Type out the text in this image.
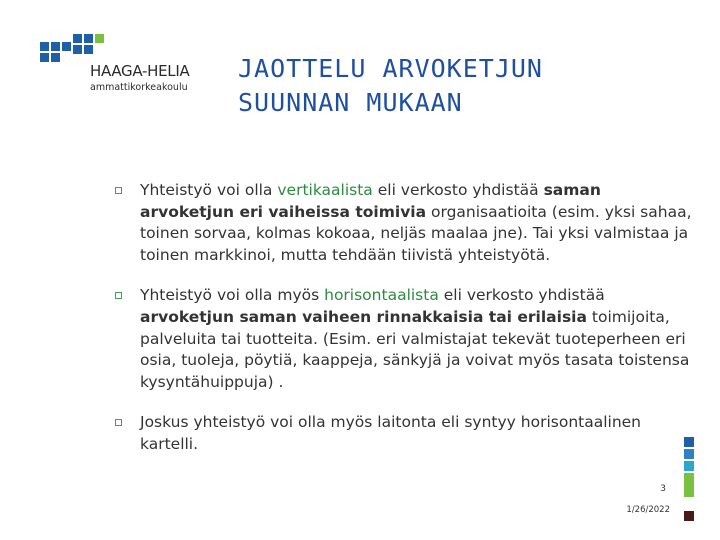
HAAGA-HELIA
ammattikorkeakoulu
JAOTTELU ARVOKETJUN
SUUNNAN MUKAAN
Yhteistyö voi olla vertikaalista eli verkosto yhdistää saman arvoketjun eri vaiheissa toimivia organisaatioita (esim. yksi sahaa, toinen sorvaa, kolmas kokoaa, neljäs maalaa jne). Tai yksi valmistaa ja toinen markkinoi, mutta tehdään tiivistä yhteistyötä.
Yhteistyö voi olla myös horisontaalista eli verkosto yhdistää arvoketjun saman vaiheen rinnakkaisia tai erilaisia toimijoita, palveluita tai tuotteita. (Esim. eri valmistajat tekevät tuoteperheen eri osia, tuoleja, pöytiä, kaappeja, sänkyjä ja voivat myös tasata toistensa kysyntähuippuja) .
Joskus yhteistyö voi olla myös laitonta eli syntyy horisontaalinen kartelli.
3
1/26/2022
